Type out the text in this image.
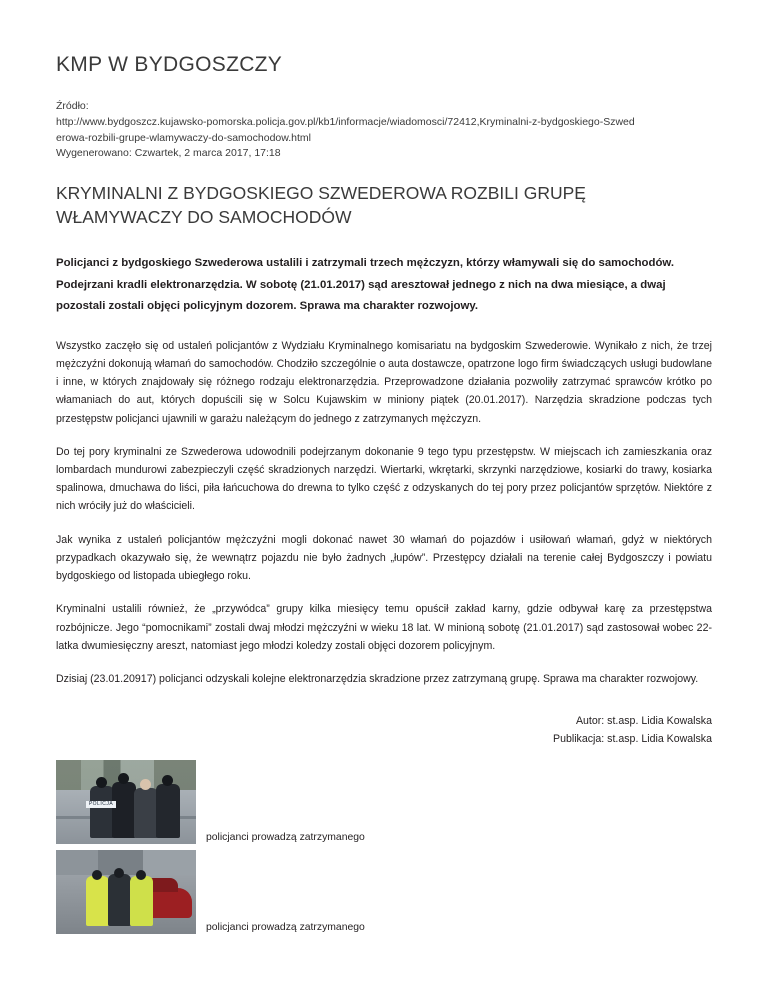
KMP W BYDGOSZCZY
Źródło:
http://www.bydgoszcz.kujawsko-pomorska.policja.gov.pl/kb1/informacje/wiadomosci/72412,Kryminalni-z-bydgoskiego-Szwed
erowa-rozbili-grupe-wlamywaczy-do-samochodow.html
Wygenerowano: Czwartek, 2 marca 2017, 17:18
KRYMINALNI Z BYDGOSKIEGO SZWEDEROWA ROZBILI GRUPĘ WŁAMYWACZY DO SAMOCHODÓW

Policjanci z bydgoskiego Szwederowa ustalili i zatrzymali trzech mężczyzn, którzy włamywali się do samochodów. Podejrzani kradli elektronarzędzia. W sobotę (21.01.2017) sąd aresztował jednego z nich na dwa miesiące, a dwaj pozostali zostali objęci policyjnym dozorem. Sprawa ma charakter rozwojowy.

Wszystko zaczęło się od ustaleń policjantów z Wydziału Kryminalnego komisariatu na bydgoskim Szwederowie. Wynikało z nich, że trzej mężczyźni dokonują włamań do samochodów. Chodziło szczególnie o auta dostawcze, opatrzone logo firm świadczących usługi budowlane i inne, w których znajdowały się różnego rodzaju elektronarzędzia. Przeprowadzone działania pozwoliły zatrzymać sprawców krótko po włamaniach do aut, których dopuścili się w Solcu Kujawskim w miniony piątek (20.01.2017). Narzędzia skradzione podczas tych przestępstw policjanci ujawnili w garażu należącym do jednego z zatrzymanych mężczyzn.

Do tej pory kryminalni ze Szwederowa udowodnili podejrzanym dokonanie 9 tego typu przestępstw. W miejscach ich zamieszkania oraz lombardach mundurowi zabezpieczyli część skradzionych narzędzi. Wiertarki, wkrętarki, skrzynki narzędziowe, kosiarki do trawy, kosiarka spalinowa, dmuchawa do liści, piła łańcuchowa do drewna to tylko część z odzyskanych do tej pory przez policjantów sprzętów. Niektóre z nich wróciły już do właścicieli.

Jak wynika z ustaleń policjantów mężczyźni mogli dokonać nawet 30 włamań do pojazdów i usiłowań włamań, gdyż w niektórych przypadkach okazywało się, że wewnątrz pojazdu nie było żadnych „łupów”. Przestępcy działali na terenie całej Bydgoszczy i powiatu bydgoskiego od listopada ubiegłego roku.

Kryminalni ustalili również, że „przywódca” grupy kilka miesięcy temu opuścił zakład karny, gdzie odbywał karę za przestępstwa rozbójnicze. Jego “pomocnikami” zostali dwaj młodzi mężczyźni w wieku 18 lat. W minioną sobotę (21.01.2017) sąd zastosował wobec 22-latka dwumiesięczny areszt, natomiast jego młodzi koledzy zostali objęci dozorem policyjnym.

Dzisiaj (23.01.20917) policjanci odzyskali kolejne elektronarzędzia skradzione przez zatrzymaną grupę. Sprawa ma charakter rozwojowy.

Autor: st.asp. Lidia Kowalska
Publikacja: st.asp. Lidia Kowalska
POLICJA
policjanci prowadzą zatrzymanego
policjanci prowadzą zatrzymanego
